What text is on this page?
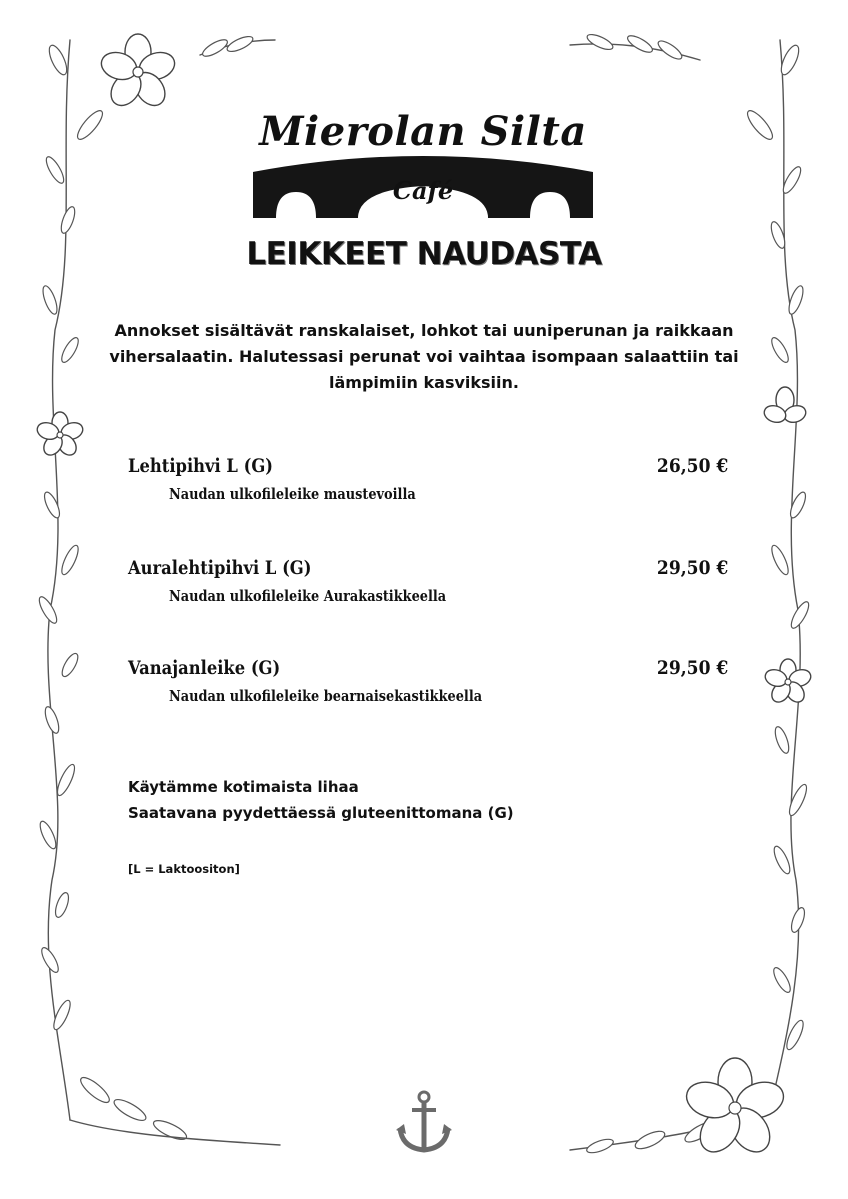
Mierolan Silta
Café
LEIKKEET NAUDASTA
Annokset sisältävät ranskalaiset, lohkot tai uuniperunan ja raikkaan vihersalaatin. Halutessasi perunat voi vaihtaa isompaan salaattiin tai lämpimiin kasviksiin.
Lehtipihvi L (G)	26,50 €
Naudan ulkofileleike maustevoilla
Auralehtipihvi L (G)	29,50 €
Naudan ulkofileleike Aurakastikkeella
Vanajanleike (G)	29,50 €
Naudan ulkofileleike bearnaisekastikkeella
Käytämme kotimaista lihaa
Saatavana pyydettäessä gluteenittomana (G)
[L = Laktoositon]
